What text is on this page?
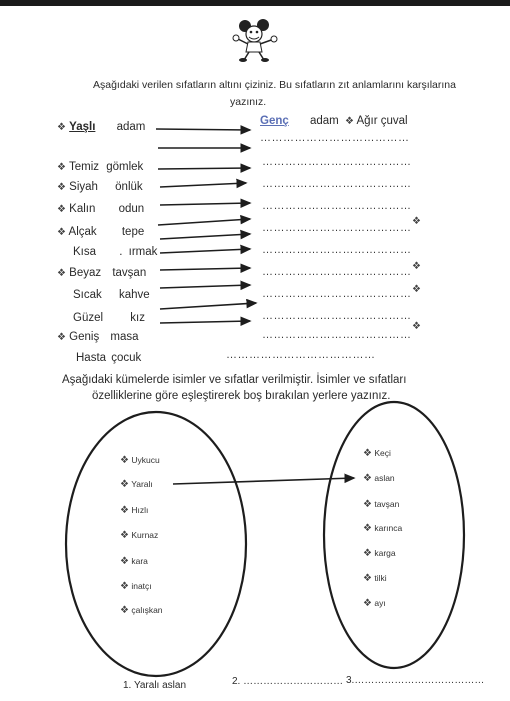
Aşağıdaki verilen sıfatların altını çiziniz. Bu sıfatların zıt anlamlarını karşılarına
yazınız.
❖ Yaşlı adam	Genç adam ❖ Ağır çuval
❖ Temiz gömlek
❖ Siyah önlük
❖ Kalın odun
❖ Alçak tepe
Kısa . ırmak
❖ Beyaz tavşan
Sıcak kahve
Güzel kız
❖ Geniş masa
Hasta çocuk
…………………………………
…………………………………
…………………………………
…………………………………
…………………………………
…………………………………
…………………………………
…………………………………
…………………………………
…………………………………
…………………………………
❖
❖
❖
❖
Aşağıdaki kümelerde isimler ve sıfatlar verilmiştir. İsimler ve sıfatları
özelliklerine göre eşleştirerek boş bırakılan yerlere yazınız.
❖ Uykucu
❖ Yaralı
❖ Hızlı
❖ Kurnaz
❖ kara
❖ inatçı
❖ çalışkan
❖ Keçi
❖ aslan
❖ tavşan
❖ karınca
❖ karga
❖ tilki
❖ ayı
1. Yaralı aslan	2. ………………………… 3.…………………………………
